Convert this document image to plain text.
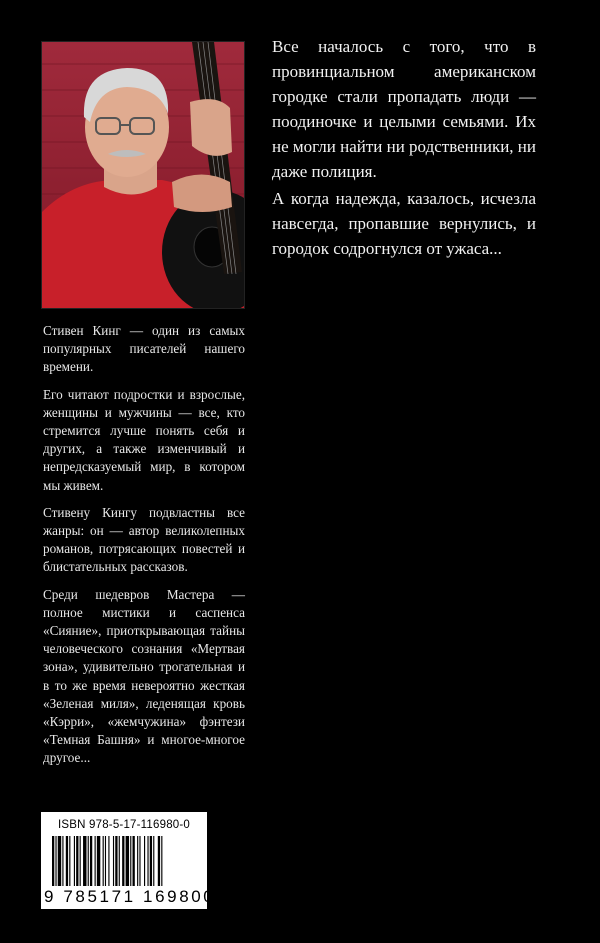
Все началось с того, что в провинциальном американском городке стали пропадать люди — поодиночке и целыми семьями. Их не могли найти ни родственники, ни даже полиция.

А когда надежда, казалось, исчезла навсегда, пропавшие вернулись, и городок содрогнулся от ужаса...

Стивен Кинг — один из самых популярных писателей нашего времени.

Его читают подростки и взрослые, женщины и мужчины — все, кто стремится лучше понять себя и других, а также изменчивый и непредсказуемый мир, в котором мы живем.

Стивену Кингу подвластны все жанры: он — автор великолепных романов, потрясающих повестей и блистательных рассказов.

Среди шедевров Мастера — полное мистики и саспенса «Сияние», приоткрывающая тайны человеческого сознания «Мертвая зона», удивительно трогательная и в то же время невероятно жесткая «Зеленая миля», леденящая кровь «Кэрри», «жемчужина» фэнтези «Темная Башня» и многое-многое другое...

ISBN 978-5-17-116980-0
9 785171 169800
